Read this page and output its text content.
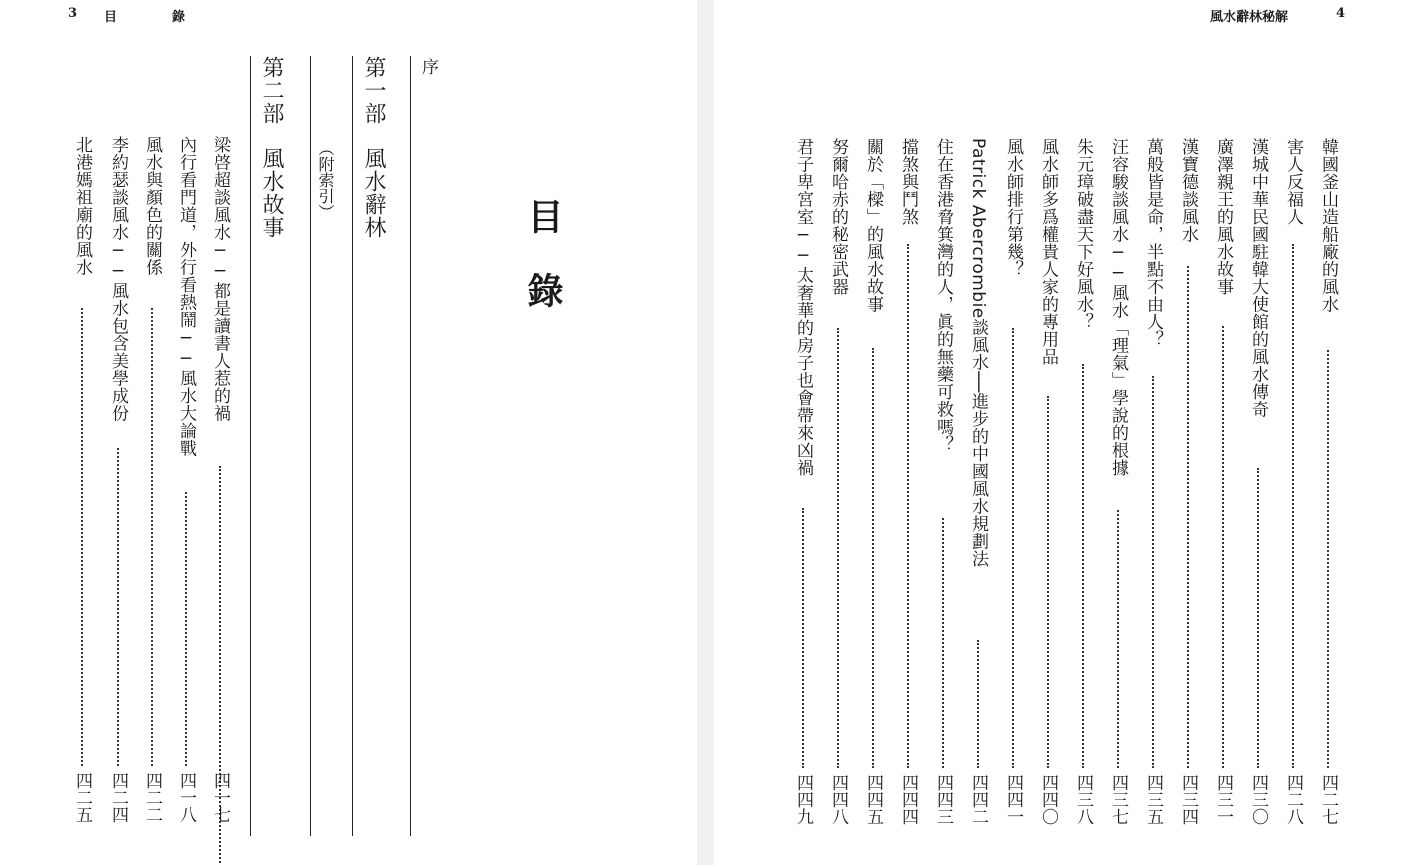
3 目	錄
目錄
序
第一部風水辭林
（附索引）
第二部風水故事
梁啓超談風水──都是讀書人惹的禍
四一七
內行看門道，外行看熱鬧──風水大論戰
四一八
風水與顏色的關係
四二二
李約瑟談風水──風水包含美學成份
四二四
北港媽祖廟的風水
四二五
風水辭林秘解	4
韓國釜山造船廠的風水
四二七
害人反福人
四二八
漢城中華民國駐韓大使館的風水傳奇
四三〇
廣澤親王的風水故事
四三一
漢寶德談風水
四三四
萬般皆是命，半點不由人？
四三五
汪容駿談風水──風水「理氣」學說的根據
四三七
朱元璋破盡天下好風水？
四三八
風水師多爲權貴人家的專用品
四四〇
風水師排行第幾？
四四一
Patrick Abercrombie談風水──進步的中國風水規劃法
四四二
住在香港脅箕灣的人，眞的無藥可救嗎？
四四三
擋煞與鬥煞
四四四
關於「樑」的風水故事
四四五
努爾哈赤的秘密武器
四四八
君子卑宮室──太奢華的房子也會帶來凶禍
四四九
